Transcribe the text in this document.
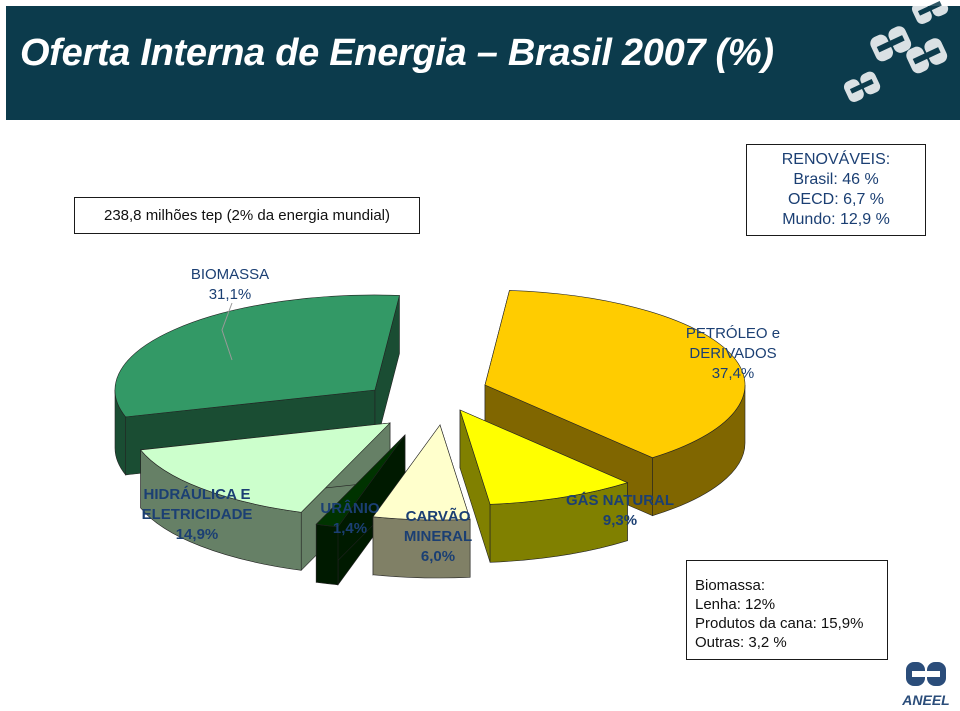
Oferta Interna de Energia – Brasil 2007 (%)
238,8 milhões tep (2% da energia mundial)
RENOVÁVEIS:
Brasil: 46 %
OECD: 6,7 %
Mundo: 12,9 %
PETRÓLEO e DERIVADOS 37,4%
GÁS NATURAL 9,3%
CARVÃO MINERAL 6,0%
URÂNIO 1,4%
HIDRÁULICA E ELETRICIDADE 14,9%
BIOMASSA 31,1%
Biomassa:
Lenha: 12%
Produtos da cana: 15,9%
Outras: 3,2 %
ANEEL
